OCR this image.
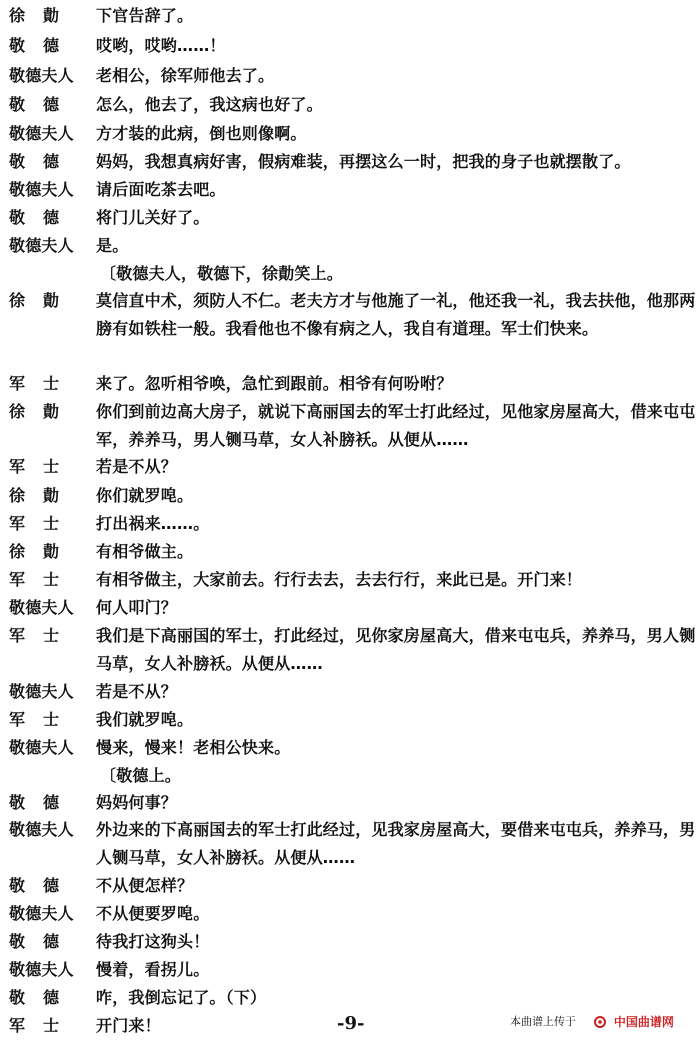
徐勣	下官告辞了。
敬德	哎哟，哎哟……！
敬德夫人	老相公，徐军师他去了。
敬德	怎么，他去了，我这病也好了。
敬德夫人	方才装的此病，倒也则像啊。
敬德	妈妈，我想真病好害，假病难装，再摆这么一时，把我的身子也就摆散了。
敬德夫人	请后面吃茶去吧。
敬德	将门儿关好了。
敬德夫人	是。
〔敬德夫人，敬德下，徐勣笑上。
徐勣	莫信直中术，须防人不仁。老夫方才与他施了一礼，他还我一礼，我去扶他，他那两膀有如铁柱一般。我看他也不像有病之人，我自有道理。军士们快来。
军士	来了。忽听相爷唤，急忙到跟前。相爷有何吩咐？
徐勣	你们到前边高大房子，就说下高丽国去的军士打此经过，见他家房屋高大，借来屯屯军，养养马，男人铡马草，女人补膀袄。从便从……
军士	若是不从？
徐勣	你们就罗唣。
军士	打出祸来……。
徐勣	有相爷做主。
军士	有相爷做主，大家前去。行行去去，去去行行，来此已是。开门来！
敬德夫人	何人叩门？
军士	我们是下高丽国的军士，打此经过，见你家房屋高大，借来屯屯兵，养养马，男人铡马草，女人补膀袄。从便从……
敬德夫人	若是不从？
军士	我们就罗唣。
敬德夫人	慢来，慢来！老相公快来。
〔敬德上。
敬德	妈妈何事？
敬德夫人	外边来的下高丽国去的军士打此经过，见我家房屋高大，要借来屯屯兵，养养马，男人铡马草，女人补膀袄。从便从……
敬德	不从便怎样？
敬德夫人	不从便要罗唣。
敬德	待我打这狗头！
敬德夫人	慢着，看拐儿。
敬德	咋，我倒忘记了。（下）
军士	开门来！	-9-	本曲谱上传于	中国曲谱网
